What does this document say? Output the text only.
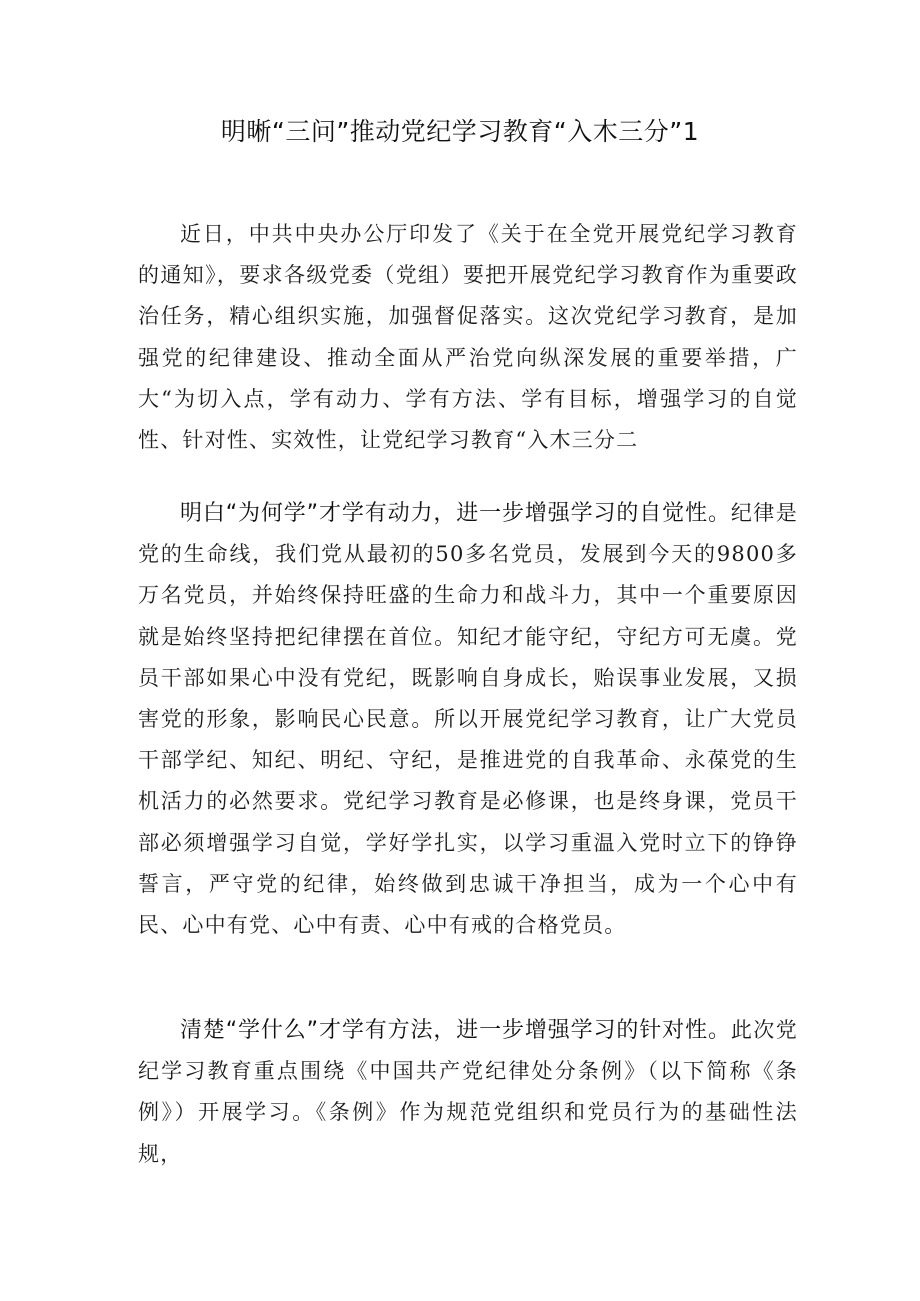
明晰“三问”推动党纪学习教育“入木三分”1

近日，中共中央办公厅印发了《关于在全党开展党纪学习教育的通知》，要求各级党委（党组）要把开展党纪学习教育作为重要政治任务，精心组织实施，加强督促落实。这次党纪学习教育，是加强党的纪律建设、推动全面从严治党向纵深发展的重要举措，广大“为切入点，学有动力、学有方法、学有目标，增强学习的自觉性、针对性、实效性，让党纪学习教育“入木三分二

明白“为何学”才学有动力，进一步增强学习的自觉性。纪律是党的生命线，我们党从最初的50多名党员，发展到今天的9800多万名党员，并始终保持旺盛的生命力和战斗力，其中一个重要原因就是始终坚持把纪律摆在首位。知纪才能守纪，守纪方可无虞。党员干部如果心中没有党纪，既影响自身成长，贻误事业发展，又损害党的形象，影响民心民意。所以开展党纪学习教育，让广大党员干部学纪、知纪、明纪、守纪，是推进党的自我革命、永葆党的生机活力的必然要求。党纪学习教育是必修课，也是终身课，党员干部必须增强学习自觉，学好学扎实，以学习重温入党时立下的铮铮誓言，严守党的纪律，始终做到忠诚干净担当，成为一个心中有民、心中有党、心中有责、心中有戒的合格党员。

清楚“学什么”才学有方法，进一步增强学习的针对性。此次党纪学习教育重点围绕《中国共产党纪律处分条例》（以下简称《条例》）开展学习。《条例》作为规范党组织和党员行为的基础性法规，
